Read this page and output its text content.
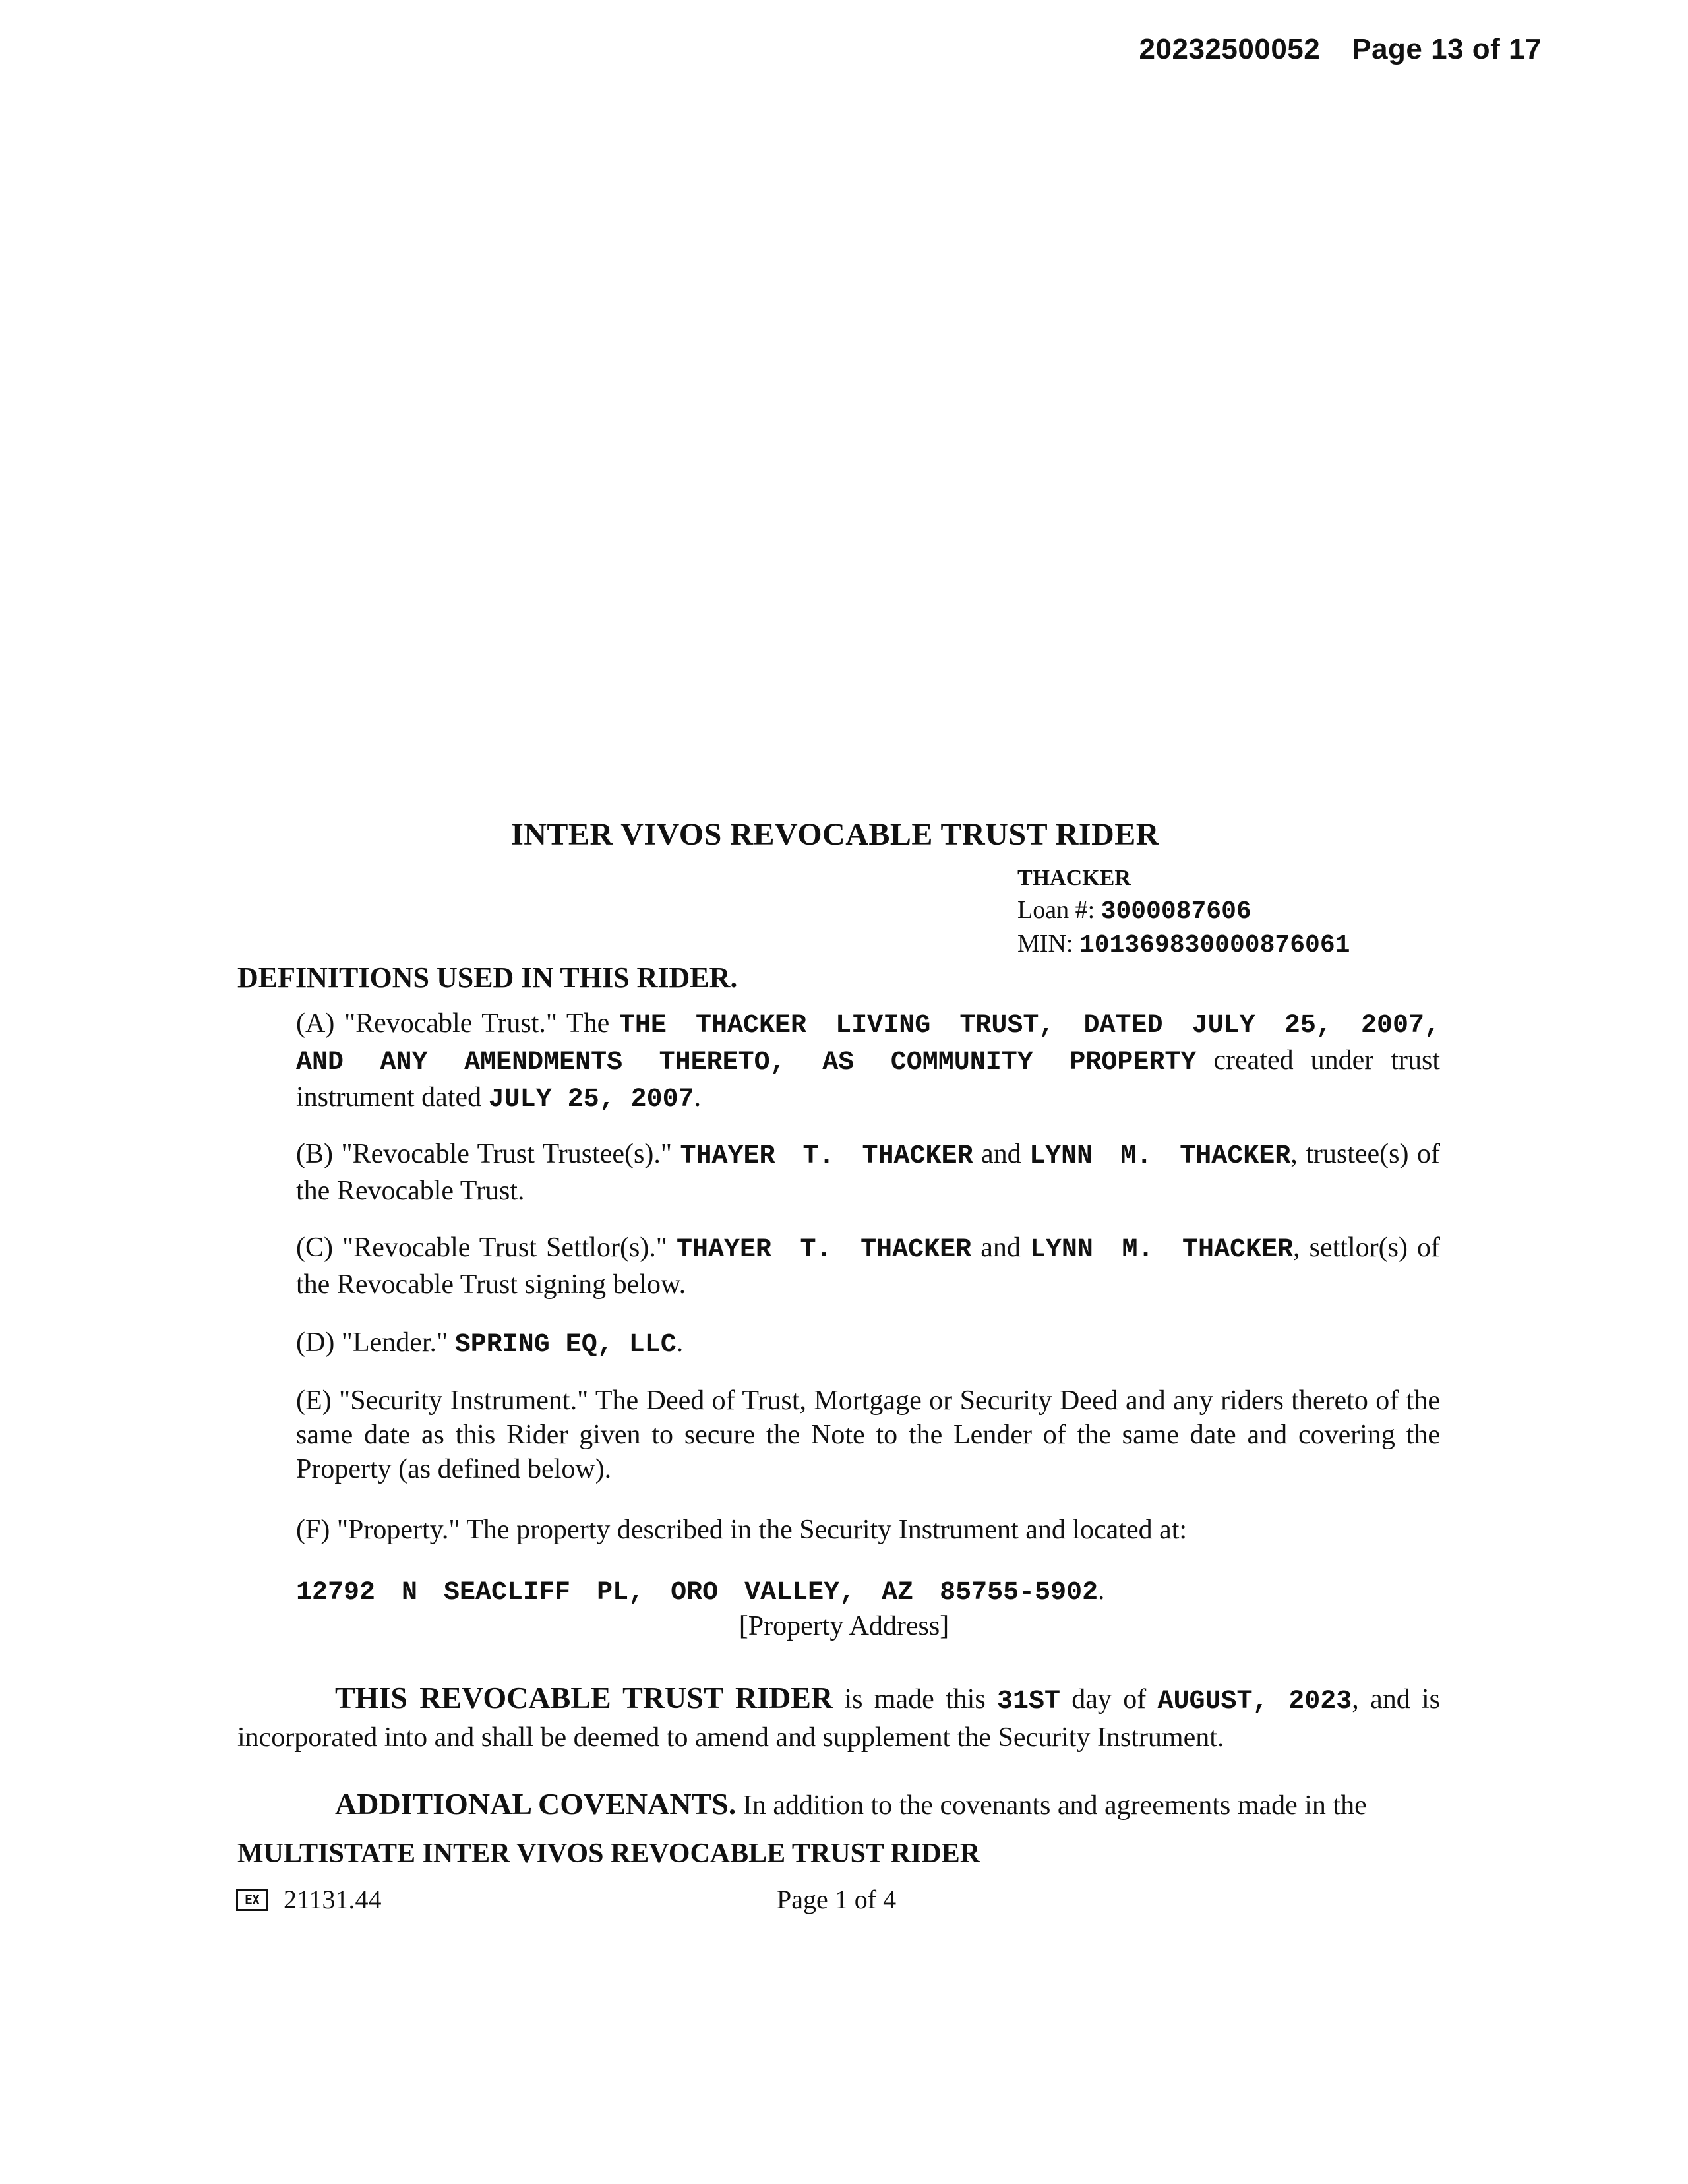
20232500052 Page 13 of 17
INTER VIVOS REVOCABLE TRUST RIDER
THACKER
Loan #: 3000087606
MIN: 101369830000876061
DEFINITIONS USED IN THIS RIDER.
(A) "Revocable Trust." The THE THACKER LIVING TRUST, DATED JULY 25, 2007, AND ANY AMENDMENTS THERETO, AS COMMUNITY PROPERTY created under trust instrument dated JULY 25, 2007.
(B) "Revocable Trust Trustee(s)." THAYER T. THACKER and LYNN M. THACKER, trustee(s) of the Revocable Trust.
(C) "Revocable Trust Settlor(s)." THAYER T. THACKER and LYNN M. THACKER, settlor(s) of the Revocable Trust signing below.
(D) "Lender." SPRING EQ, LLC.
(E) "Security Instrument." The Deed of Trust, Mortgage or Security Deed and any riders thereto of the same date as this Rider given to secure the Note to the Lender of the same date and covering the Property (as defined below).
(F) "Property." The property described in the Security Instrument and located at:
12792 N SEACLIFF PL, ORO VALLEY, AZ 85755-5902.
[Property Address]
THIS REVOCABLE TRUST RIDER is made this 31ST day of AUGUST, 2023, and is incorporated into and shall be deemed to amend and supplement the Security Instrument.
ADDITIONAL COVENANTS. In addition to the covenants and agreements made in the
MULTISTATE INTER VIVOS REVOCABLE TRUST RIDER
EX 21131.44	Page 1 of 4
